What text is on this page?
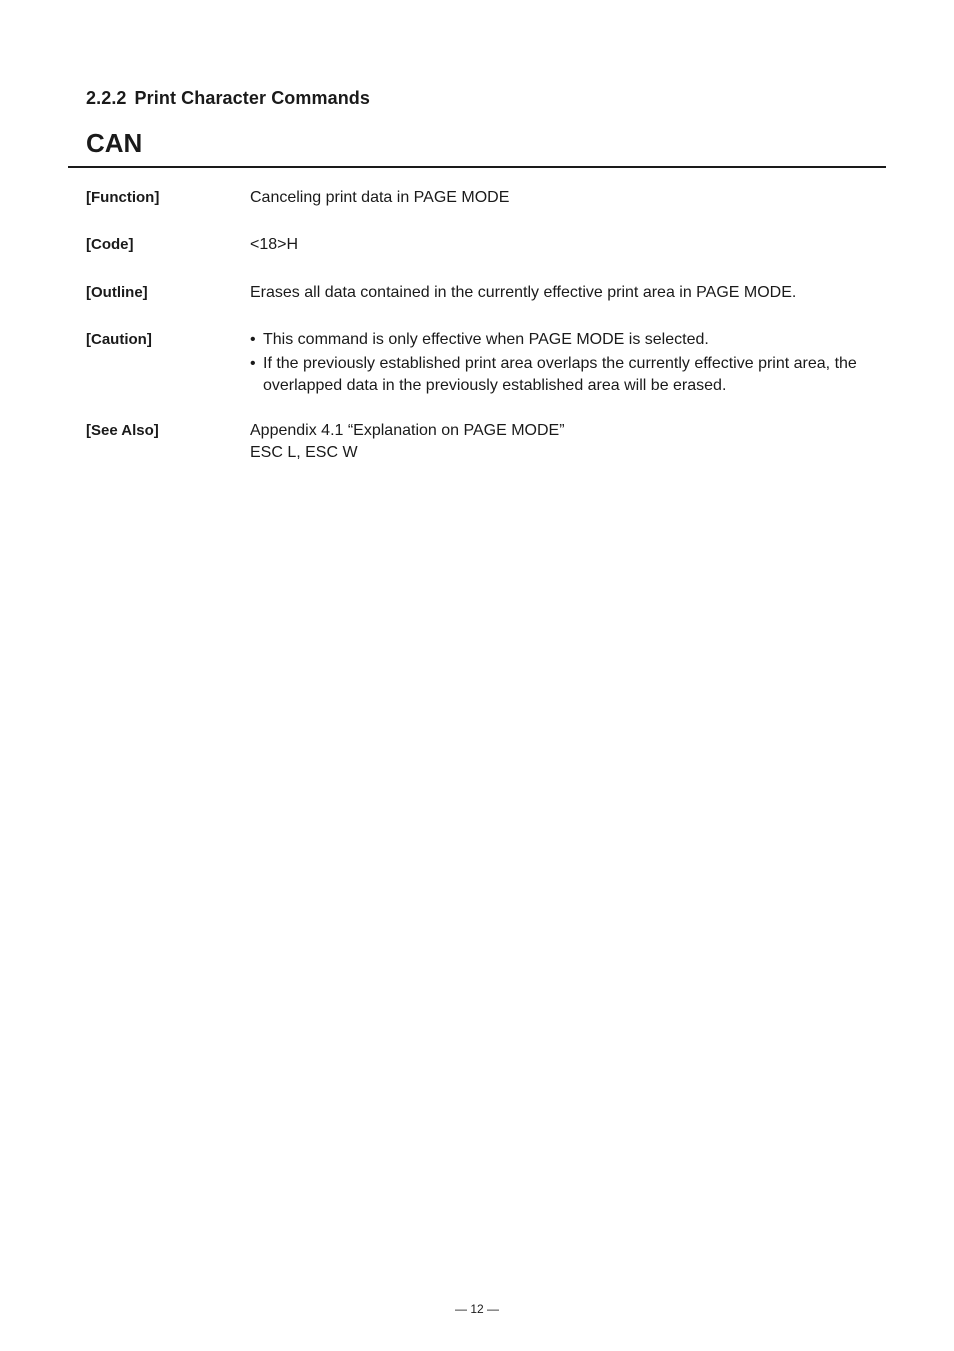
2.2.2 Print Character Commands
CAN
[Function]	Canceling print data in PAGE MODE
[Code]	<18>H
[Outline]	Erases all data contained in the currently effective print area in PAGE MODE.
[Caution]	• This command is only effective when PAGE MODE is selected.
• If the previously established print area overlaps the currently effective print area, the overlapped data in the previously established area will be erased.
[See Also]	Appendix 4.1 “Explanation on PAGE MODE”
ESC L, ESC W
— 12 —
